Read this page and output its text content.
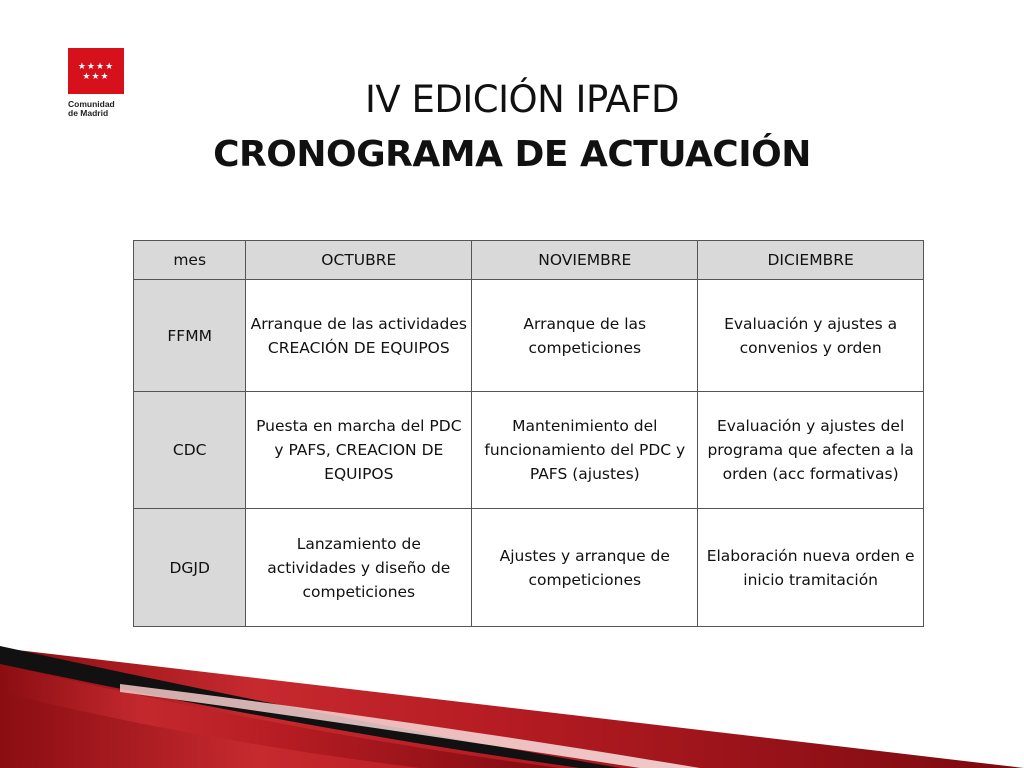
★★★★
★★★
Comunidad
de Madrid	IV EDICIÓN IPAFD
CRONOGRAMA DE ACTUACIÓN
mes	OCTUBRE	NOVIEMBRE	DICIEMBRE
FFMM	Arranque de las actividades CREACIÓN DE EQUIPOS	Arranque de las competiciones	Evaluación y ajustes a convenios y orden
CDC	Puesta en marcha del PDC y PAFS, CREACION DE EQUIPOS	Mantenimiento del funcionamiento del PDC y PAFS (ajustes)	Evaluación y ajustes del programa que afecten a la orden (acc formativas)
DGJD	Lanzamiento de actividades y diseño de competiciones	Ajustes y arranque de competiciones	Elaboración nueva orden e inicio tramitación
